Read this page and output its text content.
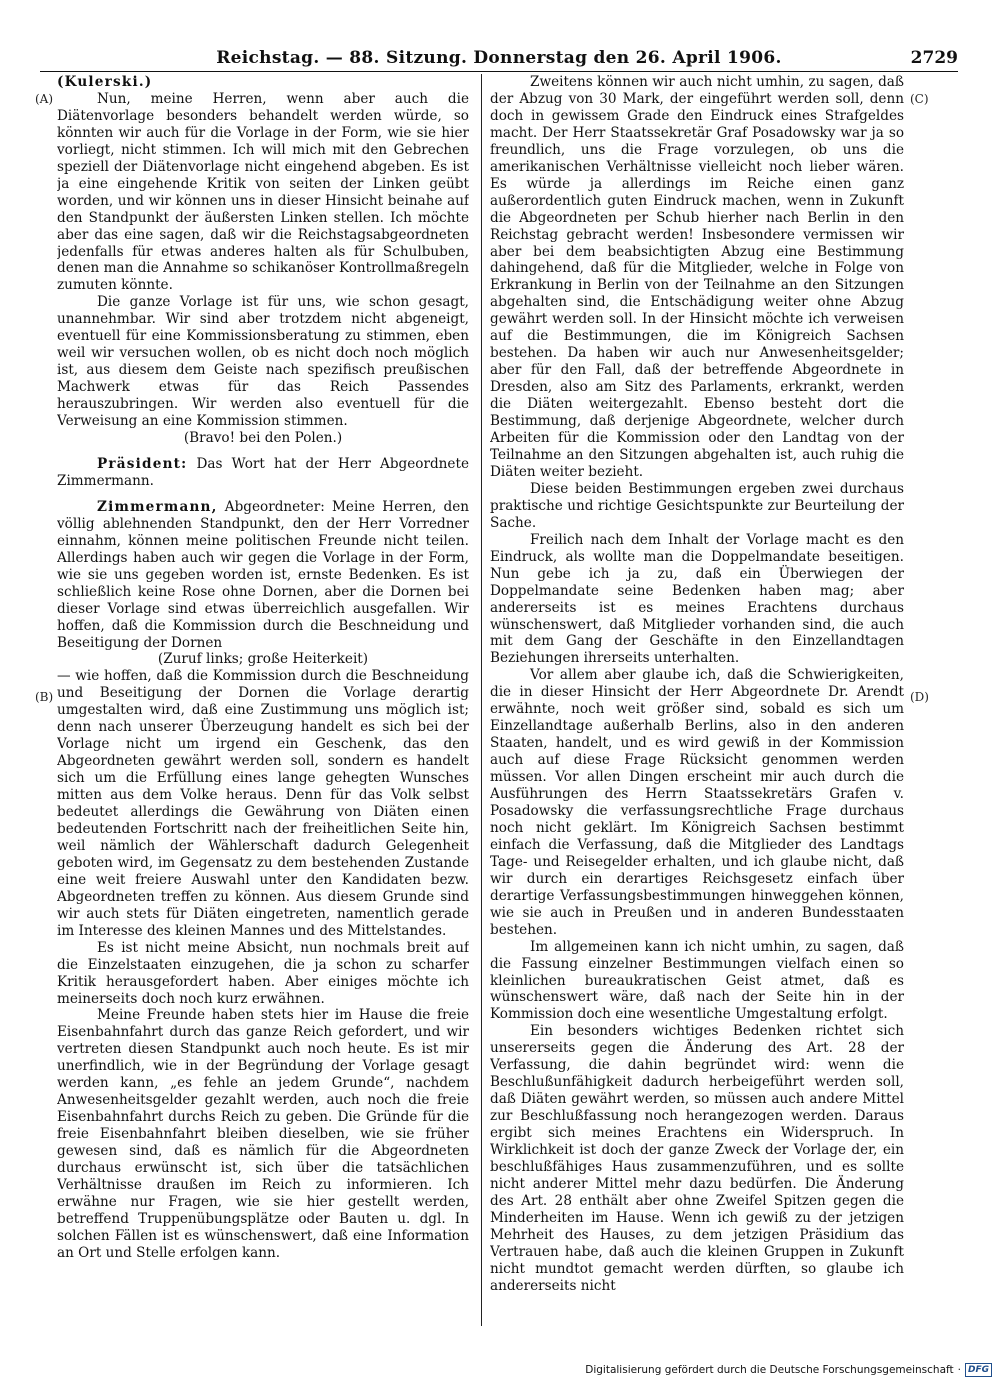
Reichstag. — 88. Sitzung. Donnerstag den 26. April 1906.	2729
(A)
(B)
(C)
(D)

(Kulerski.)

Nun, meine Herren, wenn aber auch die Diätenvorlage besonders behandelt werden würde, so könnten wir auch für die Vorlage in der Form, wie sie hier vorliegt, nicht stimmen. Ich will mich mit den Gebrechen speziell der Diätenvorlage nicht eingehend abgeben. Es ist ja eine eingehende Kritik von seiten der Linken geübt worden, und wir können uns in dieser Hinsicht beinahe auf den Standpunkt der äußersten Linken stellen. Ich möchte aber das eine sagen, daß wir die Reichstagsabgeordneten jedenfalls für etwas anderes halten als für Schulbuben, denen man die Annahme so schikanöser Kontrollmaßregeln zumuten könnte.

Die ganze Vorlage ist für uns, wie schon gesagt, unannehmbar. Wir sind aber trotzdem nicht abgeneigt, eventuell für eine Kommissionsberatung zu stimmen, eben weil wir versuchen wollen, ob es nicht doch noch möglich ist, aus diesem dem Geiste nach spezifisch preußischen Machwerk etwas für das Reich Passendes herauszubringen. Wir werden also eventuell für die Verweisung an eine Kommission stimmen.

(Bravo! bei den Polen.)

Präsident: Das Wort hat der Herr Abgeordnete Zimmermann.

Zimmermann, Abgeordneter: Meine Herren, den völlig ablehnenden Standpunkt, den der Herr Vorredner einnahm, können meine politischen Freunde nicht teilen. Allerdings haben auch wir gegen die Vorlage in der Form, wie sie uns gegeben worden ist, ernste Bedenken. Es ist schließlich keine Rose ohne Dornen, aber die Dornen bei dieser Vorlage sind etwas überreichlich ausgefallen. Wir hoffen, daß die Kommission durch die Beschneidung und Beseitigung der Dornen

(Zuruf links; große Heiterkeit)

— wie hoffen, daß die Kommission durch die Beschneidung und Beseitigung der Dornen die Vorlage derartig umgestalten wird, daß eine Zustimmung uns möglich ist; denn nach unserer Überzeugung handelt es sich bei der Vorlage nicht um irgend ein Geschenk, das den Abgeordneten gewährt werden soll, sondern es handelt sich um die Erfüllung eines lange gehegten Wunsches mitten aus dem Volke heraus. Denn für das Volk selbst bedeutet allerdings die Gewährung von Diäten einen bedeutenden Fortschritt nach der freiheitlichen Seite hin, weil nämlich der Wählerschaft dadurch Gelegenheit geboten wird, im Gegensatz zu dem bestehenden Zustande eine weit freiere Auswahl unter den Kandidaten bezw. Abgeordneten treffen zu können. Aus diesem Grunde sind wir auch stets für Diäten eingetreten, namentlich gerade im Interesse des kleinen Mannes und des Mittelstandes.

Es ist nicht meine Absicht, nun nochmals breit auf die Einzelstaaten einzugehen, die ja schon zu scharfer Kritik herausgefordert haben. Aber einiges möchte ich meinerseits doch noch kurz erwähnen.

Meine Freunde haben stets hier im Hause die freie Eisenbahnfahrt durch das ganze Reich gefordert, und wir vertreten diesen Standpunkt auch noch heute. Es ist mir unerfindlich, wie in der Begründung der Vorlage gesagt werden kann, „es fehle an jedem Grunde“, nachdem Anwesenheitsgelder gezahlt werden, auch noch die freie Eisenbahnfahrt durchs Reich zu geben. Die Gründe für die freie Eisenbahnfahrt bleiben dieselben, wie sie früher gewesen sind, daß es nämlich für die Abgeordneten durchaus erwünscht ist, sich über die tatsächlichen Verhältnisse draußen im Reich zu informieren. Ich erwähne nur Fragen, wie sie hier gestellt werden, betreffend Truppenübungsplätze oder Bauten u. dgl. In solchen Fällen ist es wünschenswert, daß eine Information an Ort und Stelle erfolgen kann.

Zweitens können wir auch nicht umhin, zu sagen, daß der Abzug von 30 Mark, der eingeführt werden soll, denn doch in gewissem Grade den Eindruck eines Strafgeldes macht. Der Herr Staatssekretär Graf Posadowsky war ja so freundlich, uns die Frage vorzulegen, ob uns die amerikanischen Verhältnisse vielleicht noch lieber wären. Es würde ja allerdings im Reiche einen ganz außerordentlich guten Eindruck machen, wenn in Zukunft die Abgeordneten per Schub hierher nach Berlin in den Reichstag gebracht werden! Insbesondere vermissen wir aber bei dem beabsichtigten Abzug eine Bestimmung dahingehend, daß für die Mitglieder, welche in Folge von Erkrankung in Berlin von der Teilnahme an den Sitzungen abgehalten sind, die Entschädigung weiter ohne Abzug gewährt werden soll. In der Hinsicht möchte ich verweisen auf die Bestimmungen, die im Königreich Sachsen bestehen. Da haben wir auch nur Anwesenheitsgelder; aber für den Fall, daß der betreffende Abgeordnete in Dresden, also am Sitz des Parlaments, erkrankt, werden die Diäten weitergezahlt. Ebenso besteht dort die Bestimmung, daß derjenige Abgeordnete, welcher durch Arbeiten für die Kommission oder den Landtag von der Teilnahme an den Sitzungen abgehalten ist, auch ruhig die Diäten weiter bezieht.

Diese beiden Bestimmungen ergeben zwei durchaus praktische und richtige Gesichtspunkte zur Beurteilung der Sache.

Freilich nach dem Inhalt der Vorlage macht es den Eindruck, als wollte man die Doppelmandate beseitigen. Nun gebe ich ja zu, daß ein Überwiegen der Doppelmandate seine Bedenken haben mag; aber andererseits ist es meines Erachtens durchaus wünschenswert, daß Mitglieder vorhanden sind, die auch mit dem Gang der Geschäfte in den Einzellandtagen Beziehungen ihrerseits unterhalten.

Vor allem aber glaube ich, daß die Schwierigkeiten, die in dieser Hinsicht der Herr Abgeordnete Dr. Arendt erwähnte, noch weit größer sind, sobald es sich um Einzellandtage außerhalb Berlins, also in den anderen Staaten, handelt, und es wird gewiß in der Kommission auch auf diese Frage Rücksicht genommen werden müssen. Vor allen Dingen erscheint mir auch durch die Ausführungen des Herrn Staatssekretärs Grafen v. Posadowsky die verfassungsrechtliche Frage durchaus noch nicht geklärt. Im Königreich Sachsen bestimmt einfach die Verfassung, daß die Mitglieder des Landtags Tage- und Reisegelder erhalten, und ich glaube nicht, daß wir durch ein derartiges Reichsgesetz einfach über derartige Verfassungsbestimmungen hinweggehen können, wie sie auch in Preußen und in anderen Bundesstaaten bestehen.

Im allgemeinen kann ich nicht umhin, zu sagen, daß die Fassung einzelner Bestimmungen vielfach einen so kleinlichen bureaukratischen Geist atmet, daß es wünschenswert wäre, daß nach der Seite hin in der Kommission doch eine wesentliche Umgestaltung erfolgt.

Ein besonders wichtiges Bedenken richtet sich unsererseits gegen die Änderung des Art. 28 der Verfassung, die dahin begründet wird: wenn die Beschlußunfähigkeit dadurch herbeigeführt werden soll, daß Diäten gewährt werden, so müssen auch andere Mittel zur Beschlußfassung noch herangezogen werden. Daraus ergibt sich meines Erachtens ein Widerspruch. In Wirklichkeit ist doch der ganze Zweck der Vorlage der, ein beschlußfähiges Haus zusammenzuführen, und es sollte nicht anderer Mittel mehr dazu bedürfen. Die Änderung des Art. 28 enthält aber ohne Zweifel Spitzen gegen die Minderheiten im Hause. Wenn ich gewiß zu der jetzigen Mehrheit des Hauses, zu dem jetzigen Präsidium das Vertrauen habe, daß auch die kleinen Gruppen in Zukunft nicht mundtot gemacht werden dürften, so glaube ich andererseits nicht

Digitalisierung gefördert durch die Deutsche Forschungsgemeinschaft · DFG
